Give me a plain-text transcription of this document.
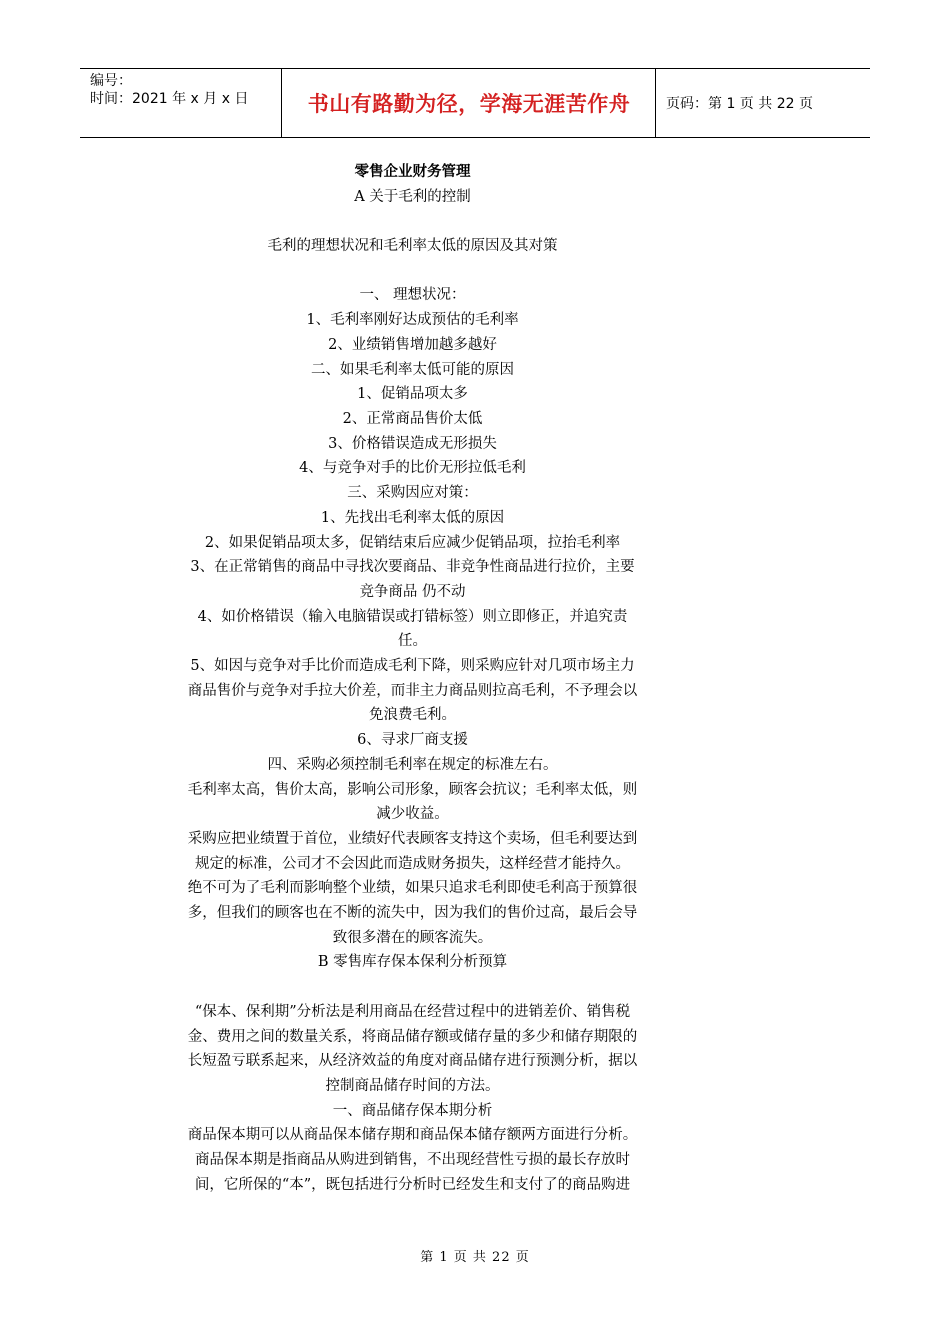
编号：
时间：2021 年 x 月 x 日	书山有路勤为径，学海无涯苦作舟	页码：第 1 页 共 22 页

零售企业财务管理

A 关于毛利的控制

毛利的理想状况和毛利率太低的原因及其对策

一、 理想状况：

1、毛利率刚好达成预估的毛利率

2、业绩销售增加越多越好

二、如果毛利率太低可能的原因

1、促销品项太多

2、正常商品售价太低

3、价格错误造成无形损失

4、与竞争对手的比价无形拉低毛利

三、采购因应对策：

1、先找出毛利率太低的原因

2、如果促销品项太多，促销结束后应减少促销品项，拉抬毛利率

3、在正常销售的商品中寻找次要商品、非竞争性商品进行拉价，主要

竞争商品 仍不动

4、如价格错误（输入电脑错误或打错标签）则立即修正，并追究责

任。

5、如因与竞争对手比价而造成毛利下降，则采购应针对几项市场主力

商品售价与竞争对手拉大价差，而非主力商品则拉高毛利，不予理会以

免浪费毛利。

6、寻求厂商支援

四、采购必须控制毛利率在规定的标准左右。

毛利率太高，售价太高，影响公司形象，顾客会抗议；毛利率太低，则

减少收益。

采购应把业绩置于首位，业绩好代表顾客支持这个卖场，但毛利要达到

规定的标准，公司才不会因此而造成财务损失，这样经营才能持久。

绝不可为了毛利而影响整个业绩，如果只追求毛利即使毛利高于预算很

多，但我们的顾客也在不断的流失中，因为我们的售价过高，最后会导

致很多潜在的顾客流失。

B 零售库存保本保利分析预算

“保本、保利期”分析法是利用商品在经营过程中的进销差价、销售税

金、费用之间的数量关系，将商品储存额或储存量的多少和储存期限的

长短盈亏联系起来，从经济效益的角度对商品储存进行预测分析，据以

控制商品储存时间的方法。

一、商品储存保本期分析

商品保本期可以从商品保本储存期和商品保本储存额两方面进行分析。

商品保本期是指商品从购进到销售，不出现经营性亏损的最长存放时

间，它所保的“本”，既包括进行分析时已经发生和支付了的商品购进

第 1 页 共 22 页
